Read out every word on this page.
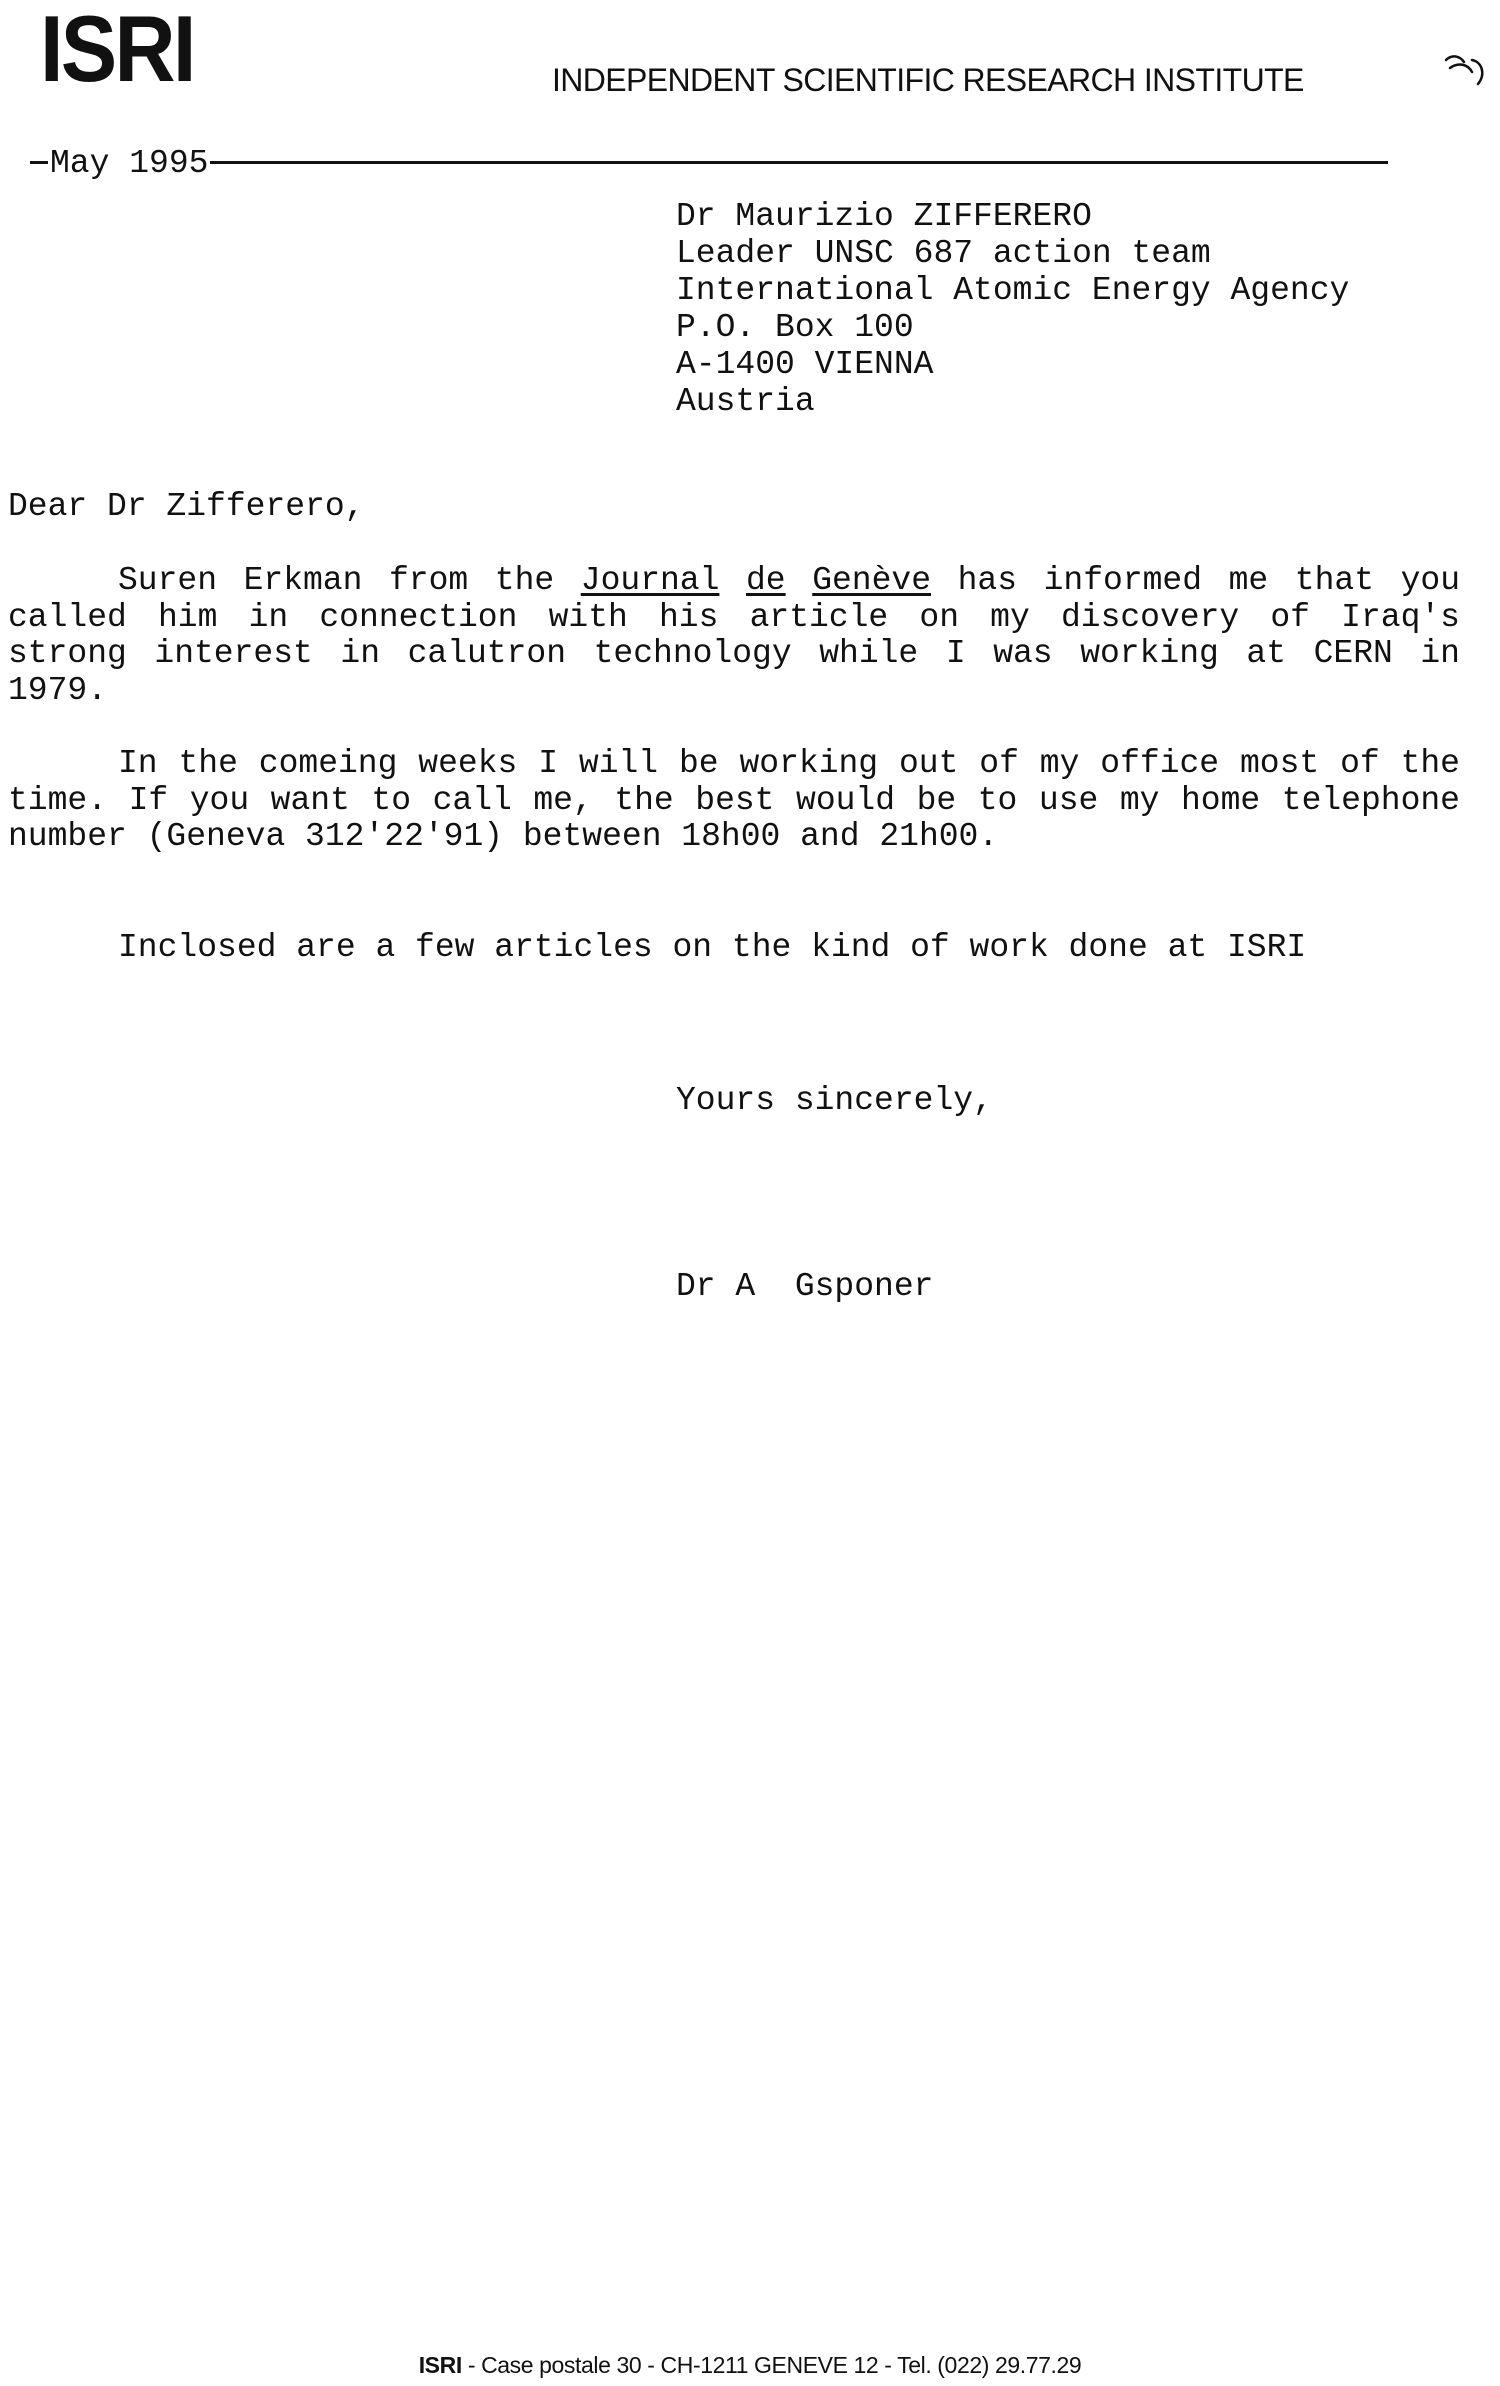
ISRI	INDEPENDENT SCIENTIFIC RESEARCH INSTITUTE
May 1995
Dr Maurizio ZIFFERERO
Leader UNSC 687 action team
International Atomic Energy Agency
P.O. Box 100
A-1400 VIENNA
Austria
Dear Dr Zifferero,
Suren Erkman from the Journal de Genève has informed me that you called him in connection with his article on my discovery of Iraq's strong interest in calutron technology while I was working at CERN in 1979.
In the comeing weeks I will be working out of my office most of the time. If you want to call me, the best would be to use my home telephone number (Geneva 312'22'91) between 18h00 and 21h00.
Inclosed are a few articles on the kind of work done at ISRI
Yours sincerely,
Dr A  Gsponer
ISRI - Case postale 30 - CH-1211 GENEVE 12 - Tel. (022) 29.77.29
